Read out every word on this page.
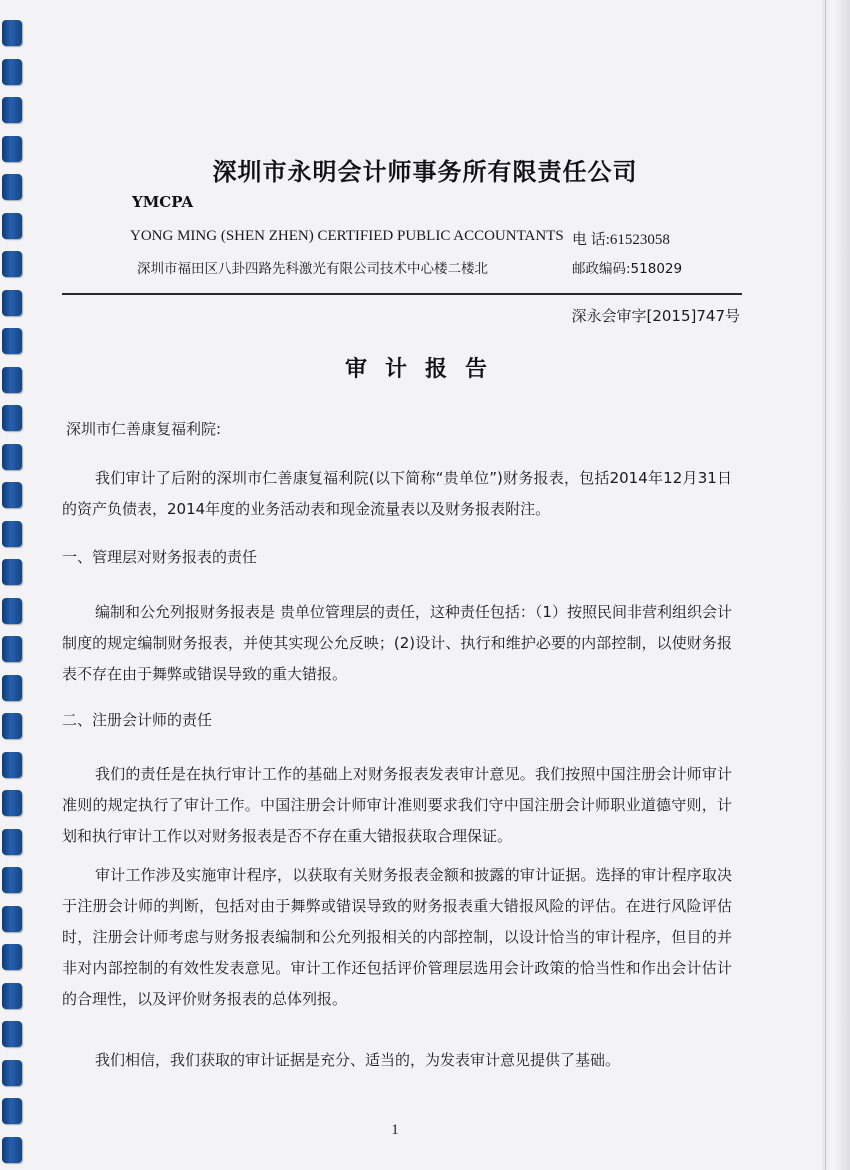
深圳市永明会计师事务所有限责任公司
YMCPA
YONG MING (SHEN ZHEN) CERTIFIED PUBLIC ACCOUNTANTS 电 话:61523058
深圳市福田区八卦四路先科激光有限公司技术中心楼二楼北	邮政编码:518029
深永会审字[2015]747号
审计报告
深圳市仁善康复福利院:
我们审计了后附的深圳市仁善康复福利院(以下简称“贵单位”)财务报表，包括2014年12月31日的资产负债表，2014年度的业务活动表和现金流量表以及财务报表附注。
一、管理层对财务报表的责任
编制和公允列报财务报表是 贵单位管理层的责任，这种责任包括：（1）按照民间非营利组织会计制度的规定编制财务报表，并使其实现公允反映；(2)设计、执行和维护必要的内部控制，以使财务报表不存在由于舞弊或错误导致的重大错报。
二、注册会计师的责任
我们的责任是在执行审计工作的基础上对财务报表发表审计意见。我们按照中国注册会计师审计准则的规定执行了审计工作。中国注册会计师审计准则要求我们守中国注册会计师职业道德守则，计划和执行审计工作以对财务报表是否不存在重大错报获取合理保证。
审计工作涉及实施审计程序，以获取有关财务报表金额和披露的审计证据。选择的审计程序取决于注册会计师的判断，包括对由于舞弊或错误导致的财务报表重大错报风险的评估。在进行风险评估时，注册会计师考虑与财务报表编制和公允列报相关的内部控制，以设计恰当的审计程序，但目的并非对内部控制的有效性发表意见。审计工作还包括评价管理层选用会计政策的恰当性和作出会计估计的合理性，以及评价财务报表的总体列报。
我们相信，我们获取的审计证据是充分、适当的，为发表审计意见提供了基础。
1
